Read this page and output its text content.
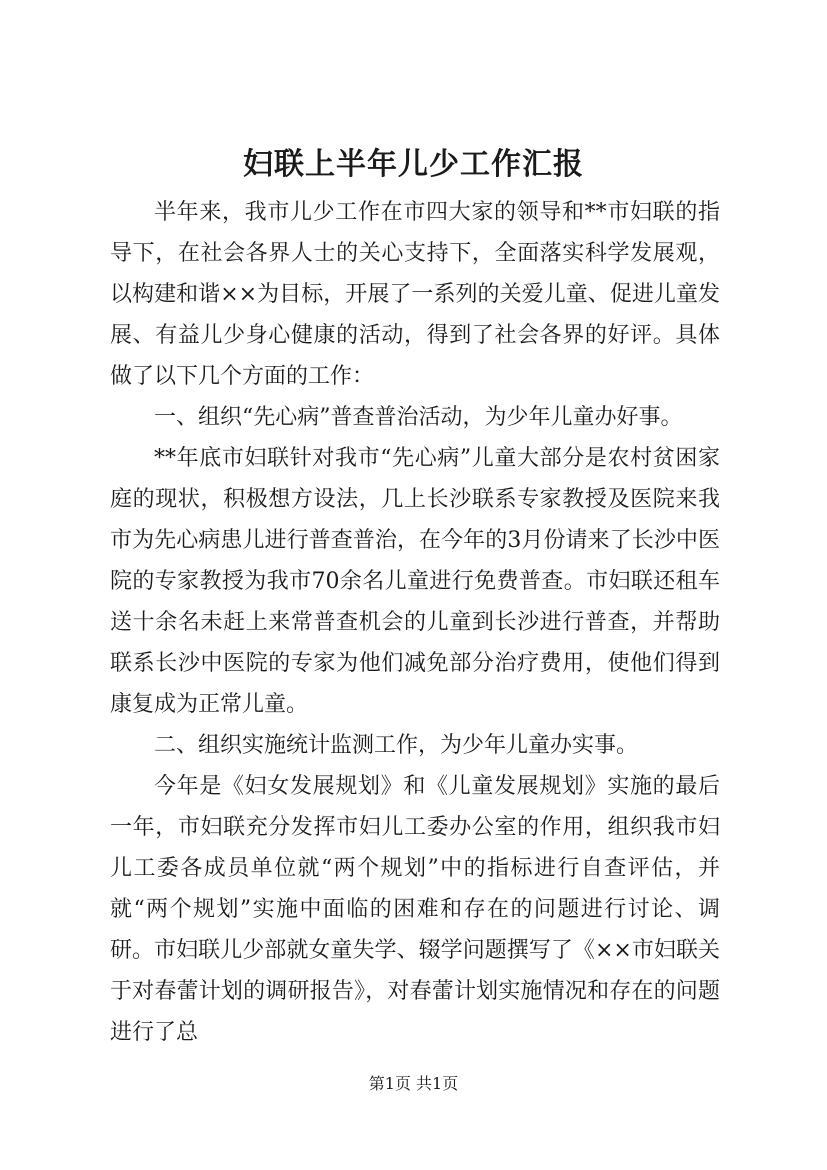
妇联上半年儿少工作汇报

半年来，我市儿少工作在市四大家的领导和**市妇联的指导下，在社会各界人士的关心支持下，全面落实科学发展观，以构建和谐××为目标，开展了一系列的关爱儿童、促进儿童发展、有益儿少身心健康的活动，得到了社会各界的好评。具体做了以下几个方面的工作：

一、组织“先心病”普查普治活动，为少年儿童办好事。

**年底市妇联针对我市“先心病”儿童大部分是农村贫困家庭的现状，积极想方设法，几上长沙联系专家教授及医院来我市为先心病患儿进行普查普治，在今年的3月份请来了长沙中医院的专家教授为我市70余名儿童进行免费普查。市妇联还租车送十余名未赶上来常普查机会的儿童到长沙进行普查，并帮助联系长沙中医院的专家为他们减免部分治疗费用，使他们得到康复成为正常儿童。

二、组织实施统计监测工作，为少年儿童办实事。

今年是《妇女发展规划》和《儿童发展规划》实施的最后一年，市妇联充分发挥市妇儿工委办公室的作用，组织我市妇儿工委各成员单位就“两个规划”中的指标进行自查评估，并就“两个规划”实施中面临的困难和存在的问题进行讨论、调研。市妇联儿少部就女童失学、辍学问题撰写了《××市妇联关于对春蕾计划的调研报告》，对春蕾计划实施情况和存在的问题进行了总

第1页 共1页
